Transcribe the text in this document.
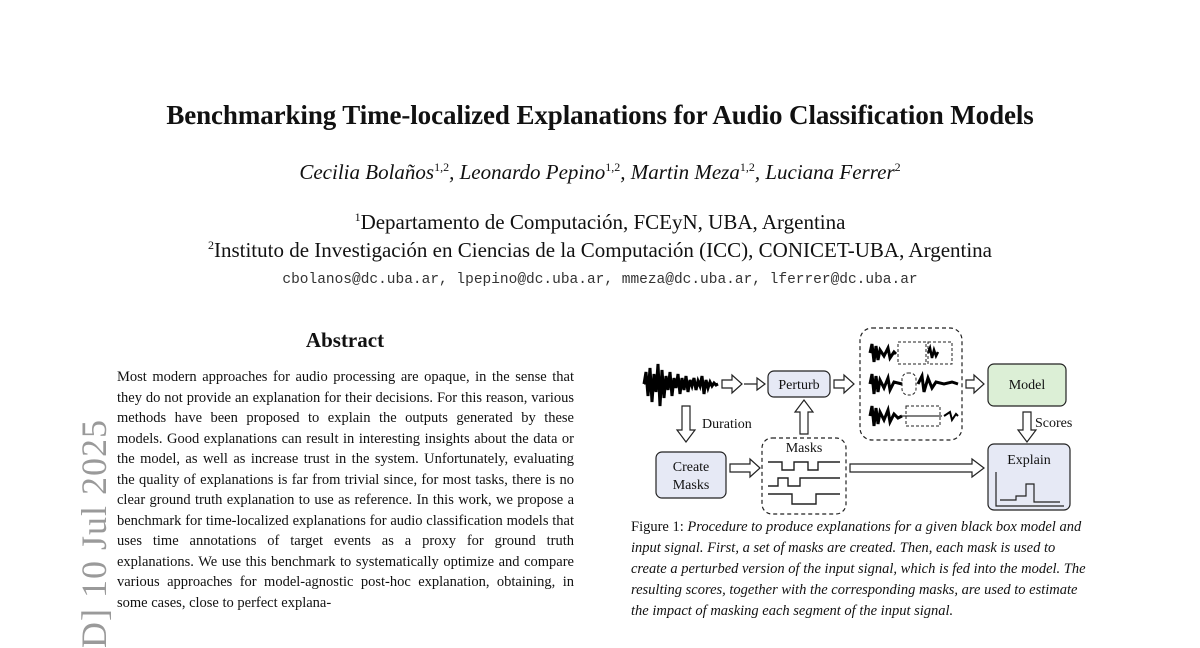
Benchmarking Time-localized Explanations for Audio Classification Models
Cecilia Bolaños$^{1,2}$, Leonardo Pepino$^{1,2}$, Martin Meza$^{1,2}$, Luciana Ferrer$^2$
$^1$Departamento de Computación, FCEyN, UBA, Argentina
$^2$Instituto de Investigación en Ciencias de la Computación (ICC), CONICET-UBA, Argentina
cbolanos@dc.uba.ar, lpepino@dc.uba.ar, mmeza@dc.uba.ar, lferrer@dc.uba.ar
Abstract
Most modern approaches for audio processing are opaque, in the sense that they do not provide an explanation for their decisions. For this reason, various methods have been proposed to explain the outputs generated by these models. Good explanations can result in interesting insights about the data or the model, as well as increase trust in the system. Unfortunately, evaluating the quality of explanations is far from trivial since, for most tasks, there is no clear ground truth explanation to use as reference. In this work, we propose a benchmark for time-localized explanations for audio classification models that uses time annotations of target events as a proxy for ground truth explanations. We use this benchmark to systematically optimize and compare various approaches for model-agnostic post-hoc explanation, obtaining, in some cases, close to perfect explana-
D] 10 Jul 2025
Perturb	Model
Scores
Duration
Create
Masks
Masks
Explain
Figure 1: Procedure to produce explanations for a given black box model and input signal. First, a set of masks are created. Then, each mask is used to create a perturbed version of the input signal, which is fed into the model. The resulting scores, together with the corresponding masks, are used to estimate the impact of masking each segment of the input signal.
